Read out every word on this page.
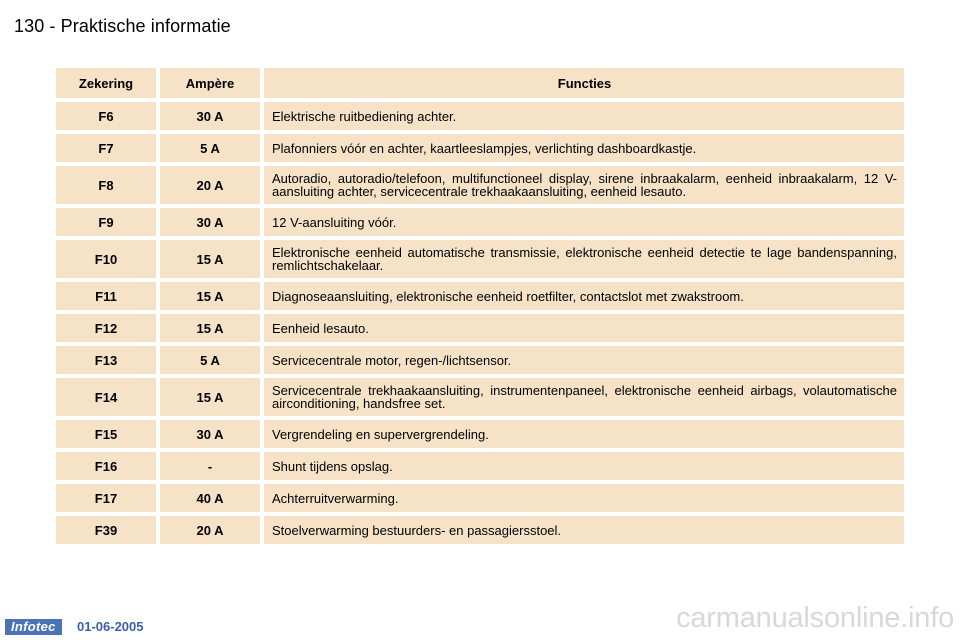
130 - Praktische informatie
Zekering	Ampère	Functies
F6	30 A	Elektrische ruitbediening achter.
F7	5 A	Plafonniers vóór en achter, kaartleeslampjes, verlichting dashboardkastje.
F8	20 A	Autoradio, autoradio/telefoon, multifunctioneel display, sirene inbraakalarm, eenheid inbraakalarm, 12 V-aansluiting achter, servicecentrale trekhaakaansluiting, eenheid lesauto.
F9	30 A	12 V-aansluiting vóór.
F10	15 A	Elektronische eenheid automatische transmissie, elektronische eenheid detectie te lage bandenspanning, remlichtschakelaar.
F11	15 A	Diagnoseaansluiting, elektronische eenheid roetfilter, contactslot met zwakstroom.
F12	15 A	Eenheid lesauto.
F13	5 A	Servicecentrale motor, regen-/lichtsensor.
F14	15 A	Servicecentrale trekhaakaansluiting, instrumentenpaneel, elektronische eenheid airbags, volautomatische airconditioning, handsfree set.
F15	30 A	Vergrendeling en supervergrendeling.
F16	-	Shunt tijdens opslag.
F17	40 A	Achterruitverwarming.
F39	20 A	Stoelverwarming bestuurders- en passagiersstoel.
Infotec	01-06-2005	carmanualsonline.info
